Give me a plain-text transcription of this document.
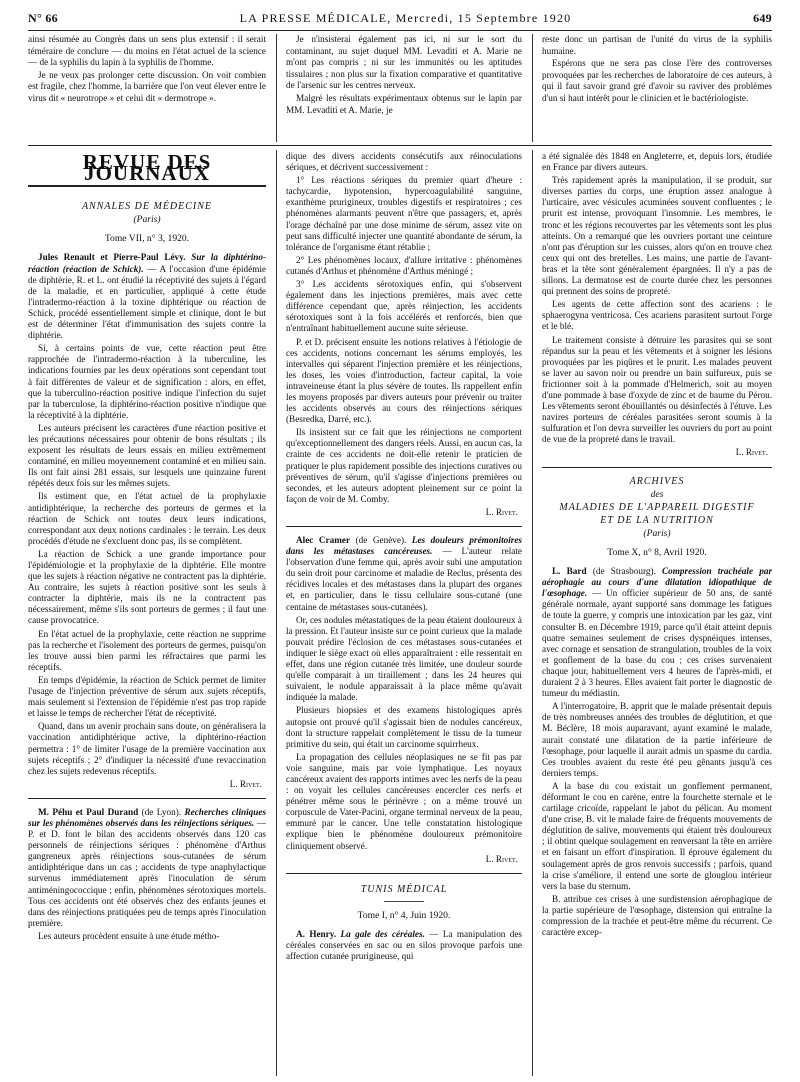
N° 66	LA PRESSE MÉDICALE, Mercredi, 15 Septembre 1920	649

ainsi résumée au Congrès dans un sens plus extensif : il serait téméraire de conclure — du moins en l'état actuel de la science — de la syphilis du lapin à la syphilis de l'homme.

Je ne veux pas prolonger cette discussion. On voit combien est fragile, chez l'homme, la barrière que l'on veut élever entre le virus dit « neurotrope » et celui dit « dermotrope ».

Je n'insisterai également pas ici, ni sur le sort du contaminant, au sujet duquel MM. Levaditi et A. Marie ne m'ont pas compris ; ni sur les immunités ou les aptitudes tissulaires ; non plus sur la fixation comparative et quantitative de l'arsenic sur les centres nerveux.

Malgré les résultats expérimentaux obtenus sur le lapin par MM. Levaditi et A. Marie, je

reste donc un partisan de l'unité du virus de la syphilis humaine.

Espérons que ne sera pas close l'ère des controverses provoquées par les recherches de laboratoire de ces auteurs, à qui il faut savoir grand gré d'avoir su raviver des problèmes d'un si haut intérêt pour le clinicien et le bactériologiste.

REVUE DES JOURNAUX
ANNALES DE MÉDECINE
(Paris)
Tome VII, n° 3, 1920.

Jules Renault et Pierre-Paul Lévy. Sur la diphtérino-réaction (réaction de Schick). — A l'occasion d'une épidémie de diphtérie, R. et L. ont étudié la réceptivité des sujets à l'égard de la maladie, et en particulier, appliqué à cette étude l'intradermo-réaction à la toxine diphtérique ou réaction de Schick, procédé essentiellement simple et clinique, dont le but est de déterminer l'état d'immunisation des sujets contre la diphtérie.

Si, à certains points de vue, cette réaction peut être rapprochée de l'intradermo-réaction à la tuberculine, les indications fournies par les deux opérations sont cependant tout à fait différentes de valeur et de signification : alors, en effet, que la tuberculino-réaction positive indique l'infection du sujet par la tuberculose, la diphtérino-réaction positive n'indique que la réceptivité à la diphtérie.

Les auteurs précisent les caractères d'une réaction positive et les précautions nécessaires pour obtenir de bons résultats ; ils exposent les résultats de leurs essais en milieu extrêmement contaminé, en milieu moyennement contaminé et en milieu sain. Ils ont fait ainsi 281 essais, sur lesquels une quinzaine furent répétés deux fois sur les mêmes sujets.

Ils estiment que, en l'état actuel de la prophylaxie antidiphtérique, la recherche des porteurs de germes et la réaction de Schick ont toutes deux leurs indications, correspondant aux deux notions cardinales : le terrain. Les deux procédés d'étude ne s'excluent donc pas, ils se complètent.

La réaction de Schick a une grande importance pour l'épidémiologie et la prophylaxie de la diphtérie. Elle montre que les sujets à réaction négative ne contractent pas la diphtérie. Au contraire, les sujets à réaction positive sont les seuls à contracter la diphtérie, mais ils ne la contractent pas nécessairement, même s'ils sont porteurs de germes ; il faut une cause provocatrice.

En l'état actuel de la prophylaxie, cette réaction ne supprime pas la recherche et l'isolement des porteurs de germes, puisqu'on les trouve aussi bien parmi les réfractaires que parmi les réceptifs.

En temps d'épidémie, la réaction de Schick permet de limiter l'usage de l'injection préventive de sérum aux sujets réceptifs, mais seulement si l'extension de l'épidémie n'est pas trop rapide et laisse le temps de rechercher l'état de réceptivité.

Quand, dans un avenir prochain sans doute, on généralisera la vaccination antidiphtérique active, la diphtérino-réaction permettra : 1° de limiter l'usage de la première vaccination aux sujets réceptifs ; 2° d'indiquer la nécessité d'une revaccination chez les sujets redevenus réceptifs.

L. Rivet.

M. Péhu et Paul Durand (de Lyon). Recherches cliniques sur les phénomènes observés dans les réinjections sériques. — P. et D. font le bilan des accidents observés dans 120 cas personnels de réinjections sériques : phénomène d'Arthus gangreneux après réinjections sous-cutanées de sérum antidiphtérique dans un cas ; accidents de type anaphylactique survenus immédiatement après l'inoculation de sérum antiméningococcique ; enfin, phénomènes sérotoxiques mortels. Tous ces accidents ont été observés chez des enfants jeunes et dans des réinjections pratiquées peu de temps après l'inoculation première.

Les auteurs procèdent ensuite à une étude métho-

dique des divers accidents consécutifs aux réinoculations sériques, et décrivent successivement :

1° Les réactions sériques du premier quart d'heure : tachycardie, hypotension, hypercoagulabilité sanguine, exanthème prurigineux, troubles digestifs et respiratoires ; ces phénomènes alarmants peuvent n'être que passagers, et, après l'orage déchaîné par une dose minime de sérum, assez vite on peut sans difficulté injecter une quantité abondante de sérum, la tolérance de l'organisme étant rétablie ;

2° Les phénomènes locaux, d'allure irritative : phénomènes cutanés d'Arthus et phénomène d'Arthus méningé ;

3° Les accidents sérotoxiques enfin, qui s'observent également dans les injections premières, mais avec cette différence cependant que, après réinjection, les accidents sérotoxiques sont à la fois accélérés et renforcés, bien que n'entraînant habituellement aucune suite sérieuse.

P. et D. précisent ensuite les notions relatives à l'étiologie de ces accidents, notions concernant les sérums employés, les intervalles qui séparent l'injection première et les réinjections, les doses, les voies d'introduction, facteur capital, la voie intraveineuse étant la plus sévère de toutes. Ils rappellent enfin les moyens proposés par divers auteurs pour prévenir ou traiter les accidents observés au cours des réinjections sériques (Besredka, Darré, etc.).

Ils insistent sur ce fait que les réinjections ne comportent qu'exceptionnellement des dangers réels. Aussi, en aucun cas, la crainte de ces accidents ne doit-elle retenir le praticien de pratiquer le plus rapidement possible des injections curatives ou préventives de sérum, qu'il s'agisse d'injections premières ou secondes, et les auteurs adoptent pleinement sur ce point la façon de voir de M. Comby.

L. Rivet.

Alec Cramer (de Genève). Les douleurs prémonitoires dans les métastases cancéreuses. — L'auteur relate l'observation d'une femme qui, après avoir subi une amputation du sein droit pour carcinome et maladie de Reclus, présenta des récidives locales et des métastases dans la plupart des organes et, en particulier, dans le tissu cellulaire sous-cutané (une centaine de métastases sous-cutanées).

Or, ces nodules métastatiques de la peau étaient douloureux à la pression. Et l'auteur insiste sur ce point curieux que la malade pouvait prédire l'éclosion de ces métastases sous-cutanées et indiquer le siège exact où elles apparaîtraient : elle ressentait en effet, dans une région cutanée très limitée, une douleur sourde qu'elle comparait à un tiraillement ; dans les 24 heures qui suivaient, le nodule apparaissait à la place même qu'avait indiquée la malade.

Plusieurs biopsies et des examens histologiques après autopsie ont prouvé qu'il s'agissait bien de nodules cancéreux, dont la structure rappelait complètement le tissu de la tumeur primitive du sein, qui était un carcinome squirrheux.

La propagation des cellules néoplasiques ne se fit pas par voie sanguine, mais par voie lymphatique. Les noyaux cancéreux avaient des rapports intimes avec les nerfs de la peau : on voyait les cellules cancéreuses encercler ces nerfs et pénétrer même sous le périnèvre ; on a même trouvé un corpuscule de Vater-Pacini, organe terminal nerveux de la peau, emmuré par le cancer. Une telle constatation histologique explique bien le phénomène douloureux prémonitoire cliniquement observé.

L. Rivet.
TUNIS MÉDICAL
Tome I, n° 4, Juin 1920.

A. Henry. La gale des céréales. — La manipulation des céréales conservées en sac ou en silos provoque parfois une affection cutanée prurigineuse, qui

a été signalée dès 1848 en Angleterre, et, depuis lors, étudiée en France par divers auteurs.

Très rapidement après la manipulation, il se produit, sur diverses parties du corps, une éruption assez analogue à l'urticaire, avec vésicules acuminées souvent confluentes ; le prurit est intense, provoquant l'insomnie. Les membres, le tronc et les régions recouvertes par les vêtements sont les plus atteints. On a remarqué que les ouvriers portant une ceinture n'ont pas d'éruption sur les cuisses, alors qu'on en trouve chez ceux qui ont des bretelles. Les mains, une partie de l'avant-bras et la tête sont généralement épargnées. Il n'y a pas de sillons. La dermatose est de courte durée chez les personnes qui prennent des soins de propreté.

Les agents de cette affection sont des acariens : le sphaerogyna ventricosa. Ces acariens parasitent surtout l'orge et le blé.

Le traitement consiste à détruire les parasites qui se sont répandus sur la peau et les vêtements et à soigner les lésions provoquées par les piqûres et le prurit. Les malades peuvent se laver au savon noir ou prendre un bain sulfureux, puis se frictionner soit à la pommade d'Helmerich, soit au moyen d'une pommade à base d'oxyde de zinc et de baume du Pérou. Les vêtements seront ébouillantés ou désinfectés à l'étuve. Les navires porteurs de céréales parasitées seront soumis à la sulfuration et l'on devra surveiller les ouvriers du port au point de vue de la propreté dans le travail.

L. Rivet.
ARCHIVES
des
MALADIES DE L'APPAREIL DIGESTIF
ET DE LA NUTRITION
(Paris)
Tome X, n° 8, Avril 1920.

L. Bard (de Strasbourg). Compression trachéale par aérophagie au cours d'une dilatation idiopathique de l'œsophage. — Un officier supérieur de 50 ans, de santé générale normale, ayant supporté sans dommage les fatigues de toute la guerre, y compris une intoxication par les gaz, vint consulter B. en Décembre 1919, parce qu'il était atteint depuis quatre semaines seulement de crises dyspnéiques intenses, avec cornage et sensation de strangulation, troubles de la voix et gonflement de la base du cou ; ces crises survenaient chaque jour, habituellement vers 4 heures de l'après-midi, et duraient 2 à 3 heures. Elles avaient fait porter le diagnostic de tumeur du médiastin.

A l'interrogatoire, B. apprit que le malade présentait depuis de très nombreuses années des troubles de déglutition, et que M. Béclère, 18 mois auparavant, ayant examiné le malade, aurait constaté une dilatation de la partie inférieure de l'œsophage, pour laquelle il aurait admis un spasme du cardia. Ces troubles avaient du reste été peu gênants jusqu'à ces derniers temps.

A la base du cou existait un gonflement permanent, déformant le cou en carène, entre la fourchette sternale et le cartilage cricoïde, rappelant le jabot du pélican. Au moment d'une crise, B. vit le malade faire de fréquents mouvements de déglutition de salive, mouvements qui étaient très douloureux ; il obtint quelque soulagement en renversant la tête en arrière et en faisant un effort d'inspiration. Il éprouve également du soulagement après de gros renvois successifs ; parfois, quand la crise s'améliore, il entend une sorte de glouglou intérieur vers la base du sternum.

B. attribue ces crises à une surdistension aérophagique de la partie supérieure de l'œsophage, distension qui entraîne la compression de la trachée et peut-être même du récurrent. Ce caractère excep-
